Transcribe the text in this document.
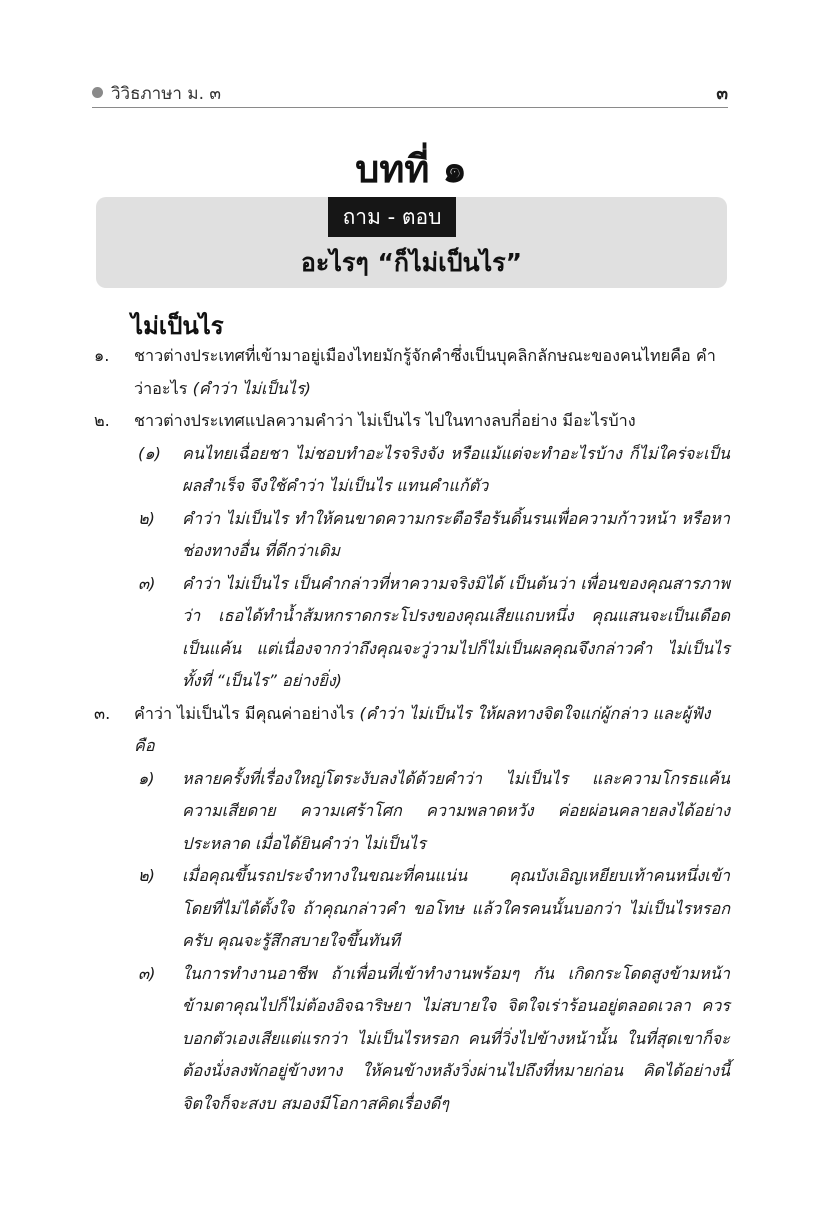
วิวิธภาษา ม. ๓	๓
บทที่ ๑
ถาม - ตอบ
อะไรๆ “ก็ไม่เป็นไร”
ไม่เป็นไร
๑. ชาวต่างประเทศที่เข้ามาอยู่เมืองไทยมักรู้จักคำซึ่งเป็นบุคลิกลักษณะของคนไทยคือ คำว่าอะไร (คำว่า ไม่เป็นไร)
๒. ชาวต่างประเทศแปลความคำว่า ไม่เป็นไร ไปในทางลบกี่อย่าง มีอะไรบ้าง
(๑) คนไทยเฉื่อยชา ไม่ชอบทำอะไรจริงจัง หรือแม้แต่จะทำอะไรบ้าง ก็ไม่ใคร่จะเป็นผลสำเร็จ จึงใช้คำว่า ไม่เป็นไร แทนคำแก้ตัว
๒) คำว่า ไม่เป็นไร ทำให้คนขาดความกระตือรือร้นดิ้นรนเพื่อความก้าวหน้า หรือหาช่องทางอื่น ที่ดีกว่าเดิม
๓) คำว่า ไม่เป็นไร เป็นคำกล่าวที่หาความจริงมิได้ เป็นต้นว่า เพื่อนของคุณสารภาพว่า เธอได้ทำน้ำส้มหกราดกระโปรงของคุณเสียแถบหนึ่ง คุณแสนจะเป็นเดือดเป็นแค้น แต่เนื่องจากว่าถึงคุณจะวู่วามไปก็ไม่เป็นผลคุณจึงกล่าวคำ ไม่เป็นไร ทั้งที่ “เป็นไร” อย่างยิ่ง)
๓. คำว่า ไม่เป็นไร มีคุณค่าอย่างไร (คำว่า ไม่เป็นไร ให้ผลทางจิตใจแก่ผู้กล่าว และผู้ฟัง คือ
๑) หลายครั้งที่เรื่องใหญ่โตระงับลงได้ด้วยคำว่า ไม่เป็นไร และความโกรธแค้น ความเสียดาย ความเศร้าโศก ความพลาดหวัง ค่อยผ่อนคลายลงได้อย่างประหลาด เมื่อได้ยินคำว่า ไม่เป็นไร
๒) เมื่อคุณขึ้นรถประจำทางในขณะที่คนแน่น คุณบังเอิญเหยียบเท้าคนหนึ่งเข้าโดยที่ไม่ได้ตั้งใจ ถ้าคุณกล่าวคำ ขอโทษ แล้วใครคนนั้นบอกว่า ไม่เป็นไรหรอกครับ คุณจะรู้สึกสบายใจขึ้นทันที
๓) ในการทำงานอาชีพ ถ้าเพื่อนที่เข้าทำงานพร้อมๆ กัน เกิดกระโดดสูงข้ามหน้าข้ามตาคุณไปก็ไม่ต้องอิจฉาริษยา ไม่สบายใจ จิตใจเร่าร้อนอยู่ตลอดเวลา ควรบอกตัวเองเสียแต่แรกว่า ไม่เป็นไรหรอก คนที่วิ่งไปข้างหน้านั้น ในที่สุดเขาก็จะต้องนั่งลงพักอยู่ข้างทาง ให้คนข้างหลังวิ่งผ่านไปถึงที่หมายก่อน คิดได้อย่างนี้ จิตใจก็จะสงบ สมองมีโอกาสคิดเรื่องดีๆ
